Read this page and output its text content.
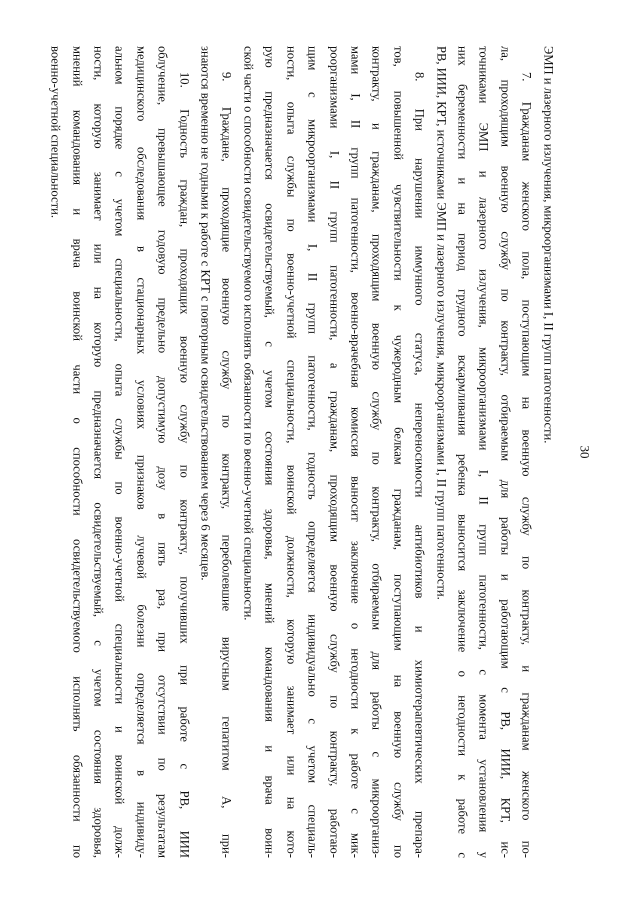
30
ЭМП и лазерного излучения, микроорганизмами I, II групп патогенности.
7. Гражданам женского пола, поступающим на военную службу по контракту, и гражданам женского по-
ла, проходящим военную службу по контракту, отбираемым для работы и работающим с РВ, ИИИ, КРТ, ис-
точниками ЭМП и лазерного излучения, микроорганизмами I, II групп патогенности, с момента установления у
них беременности и на период грудного вскармливания ребенка выносится заключение о негодности к работе с
РВ, ИИИ, КРТ, источниками ЭМП и лазерного излучения, микроорганизмами I, II групп патогенности.
8. При нарушении иммунного статуса, непереносимости антибиотиков и химиотерапевтических препара-
тов, повышенной чувствительности к чужеродным белкам гражданам, поступающим на военную службу по
контракту, и гражданам, проходящим военную службу по контракту, отбираемым для работы с микроорганиз-
мами I, II групп патогенности, военно-врачебная комиссия выносит заключение о негодности к работе с мик-
роорганизмами I, II групп патогенности, а гражданам, проходящим военную службу по контракту, работаю-
щим с микроорганизмами I, II групп патогенности, годность определяется индивидуально с учетом специаль-
ности, опыта службы по военно-учетной специальности, воинской должности, которую занимает или на кото-
рую предназначается освидетельствуемый, с учетом состояния здоровья, мнений командования и врача воин-
ской части о способности освидетельствуемого исполнять обязанности по военно-учетной специальности.
9. Граждане, проходящие военную службу по контракту, переболевшие вирусным гепатитом А, при-
знаются временно не годными к работе с КРТ с повторным освидетельствованием через 6 месяцев.
10. Годность граждан, проходящих военную службу по контракту, получивших при работе с РВ, ИИИ
облучение, превышающее годовую предельно допустимую дозу в пять раз, при отсутствии по результатам
медицинского обследования в стационарных условиях признаков лучевой болезни определяется в индивиду-
альном порядке с учетом специальности, опыта службы по военно-учетной специальности и воинской долж-
ности, которую занимает или на которую предназначается освидетельствуемый, с учетом состояния здоровья,
мнений командования и врача воинской части о способности освидетельствуемого исполнять обязанности по
военно-учетной специальности.
